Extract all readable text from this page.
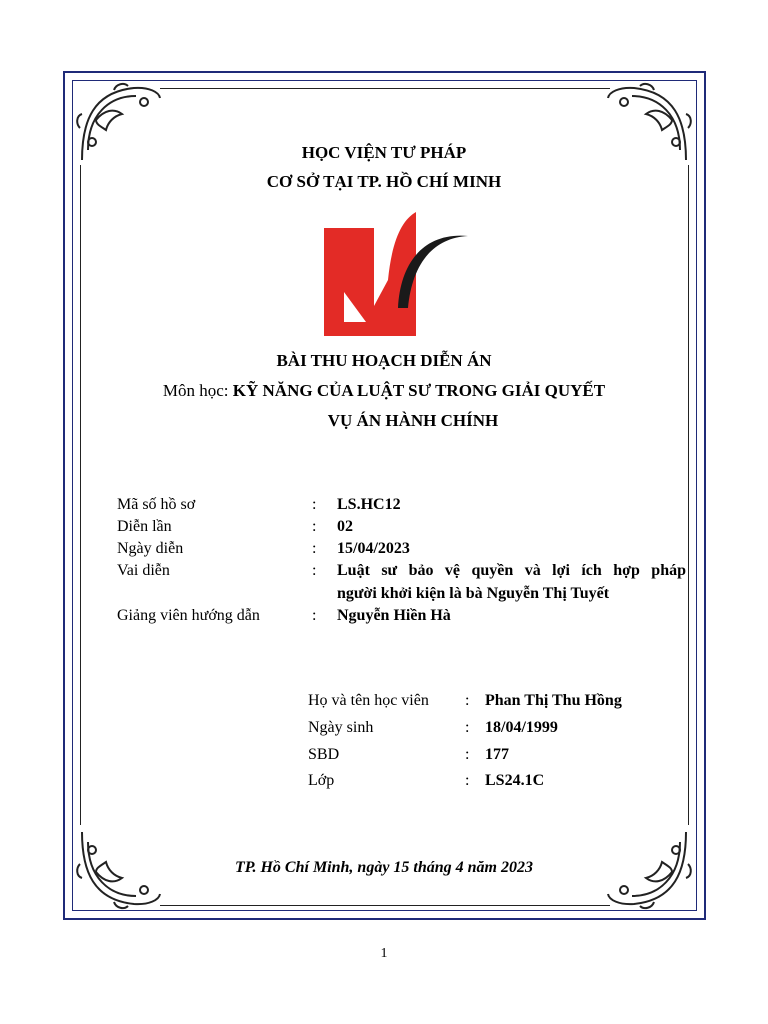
HỌC VIỆN TƯ PHÁP
CƠ SỞ TẠI TP. HỒ CHÍ MINH
BÀI THU HOẠCH DIỄN ÁN
Môn học: KỸ NĂNG CỦA LUẬT SƯ TRONG GIẢI QUYẾT
VỤ ÁN HÀNH CHÍNH
Mã số hồ sơ	: LS.HC12
Diễn lần	: 02
Ngày diễn	: 15/04/2023
Vai diễn	: Luật sư bảo vệ quyền và lợi ích hợp pháp
người khởi kiện là bà Nguyễn Thị Tuyết
Giảng viên hướng dẫn	: Nguyễn Hiền Hà
Họ và tên học viên : Phan Thị Thu Hồng
Ngày sinh	: 18/04/1999
SBD	: 177
Lớp	: LS24.1C
TP. Hồ Chí Minh, ngày 15 tháng 4 năm 2023
1
